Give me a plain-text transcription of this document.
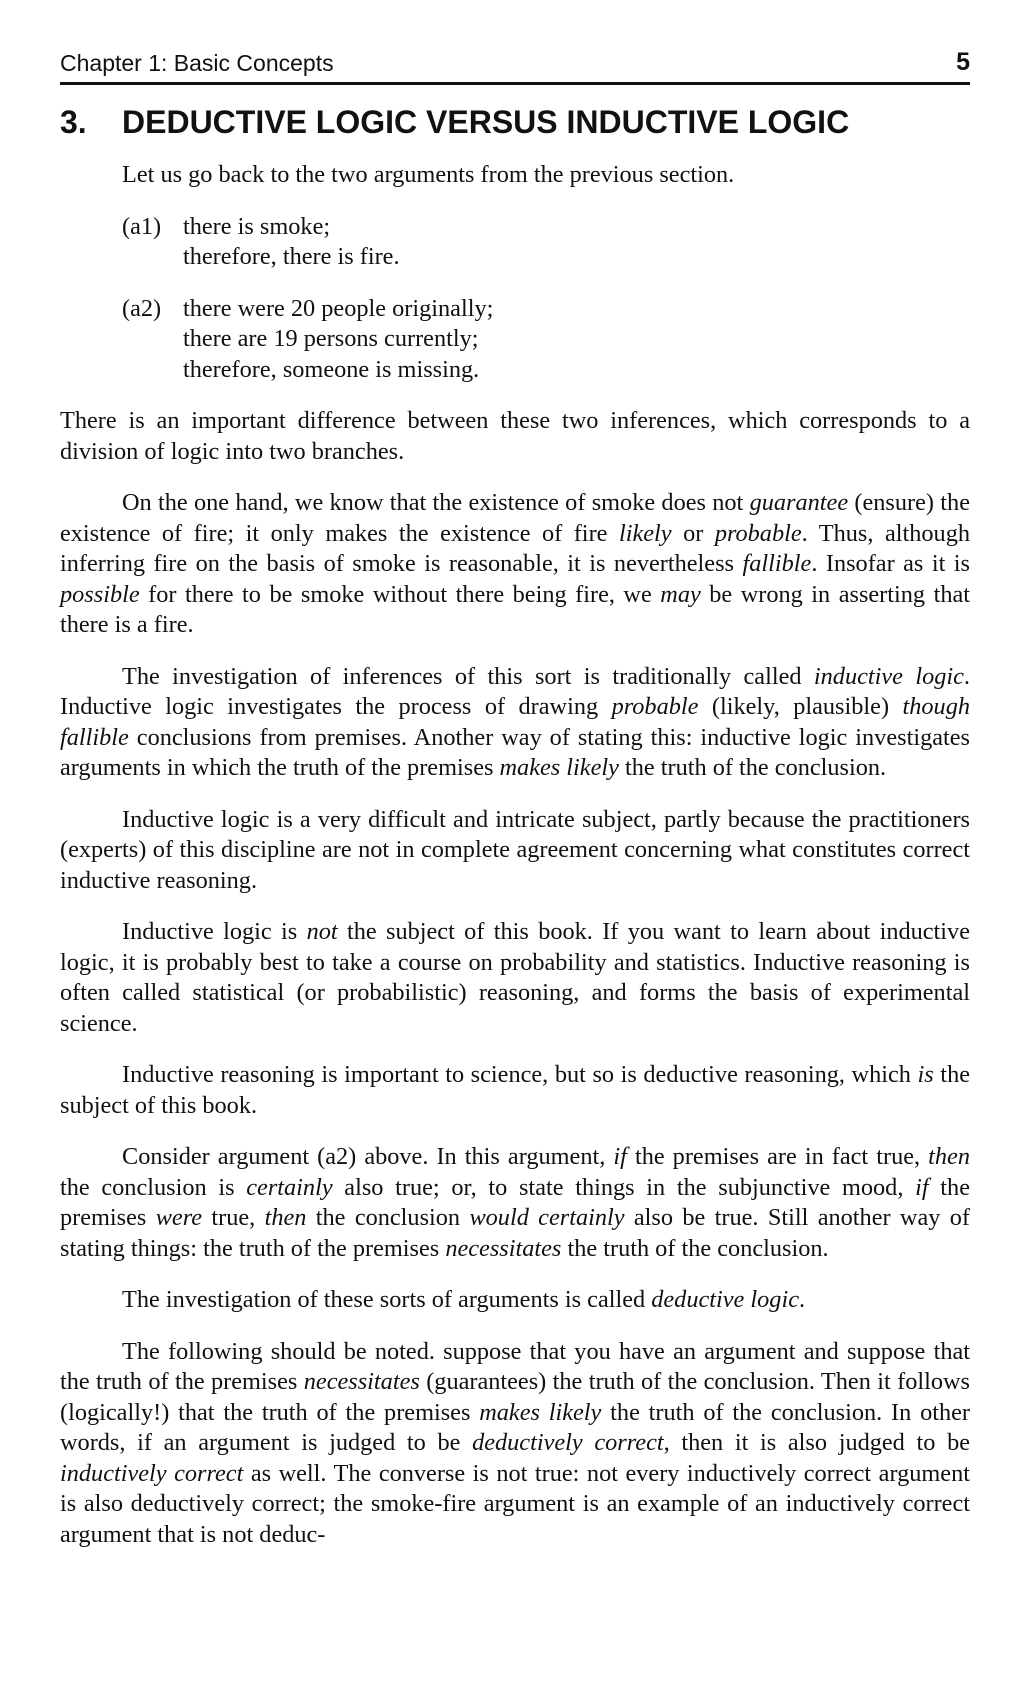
Chapter 1: Basic Concepts	5
3. DEDUCTIVE LOGIC VERSUS INDUCTIVE LOGIC

Let us go back to the two arguments from the previous section.

(a1) there is smoke;
therefore, there is fire.
(a2) there were 20 people originally;
there are 19 persons currently;
therefore, someone is missing.

There is an important difference between these two inferences, which corresponds to a division of logic into two branches.

On the one hand, we know that the existence of smoke does not guarantee (ensure) the existence of fire; it only makes the existence of fire likely or probable. Thus, although inferring fire on the basis of smoke is reasonable, it is nevertheless fallible. Insofar as it is possible for there to be smoke without there being fire, we may be wrong in asserting that there is a fire.

The investigation of inferences of this sort is traditionally called inductive logic. Inductive logic investigates the process of drawing probable (likely, plausible) though fallible conclusions from premises. Another way of stating this: inductive logic investigates arguments in which the truth of the premises makes likely the truth of the conclusion.

Inductive logic is a very difficult and intricate subject, partly because the practitioners (experts) of this discipline are not in complete agreement concerning what constitutes correct inductive reasoning.

Inductive logic is not the subject of this book. If you want to learn about inductive logic, it is probably best to take a course on probability and statistics. Inductive reasoning is often called statistical (or probabilistic) reasoning, and forms the basis of experimental science.

Inductive reasoning is important to science, but so is deductive reasoning, which is the subject of this book.

Consider argument (a2) above. In this argument, if the premises are in fact true, then the conclusion is certainly also true; or, to state things in the subjunctive mood, if the premises were true, then the conclusion would certainly also be true. Still another way of stating things: the truth of the premises necessitates the truth of the conclusion.

The investigation of these sorts of arguments is called deductive logic.

The following should be noted. suppose that you have an argument and suppose that the truth of the premises necessitates (guarantees) the truth of the conclusion. Then it follows (logically!) that the truth of the premises makes likely the truth of the conclusion. In other words, if an argument is judged to be deductively correct, then it is also judged to be inductively correct as well. The converse is not true: not every inductively correct argument is also deductively correct; the smoke-fire argument is an example of an inductively correct argument that is not deduc-
